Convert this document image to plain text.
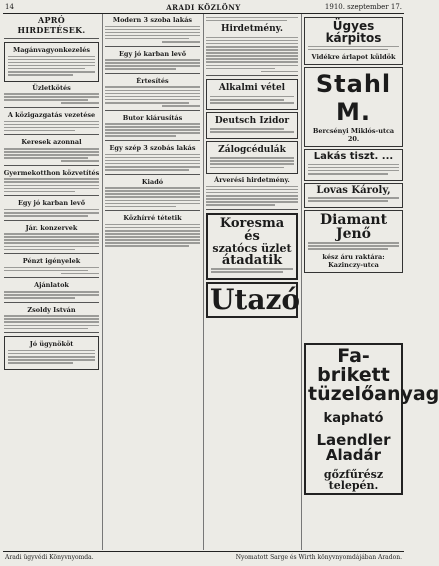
14	ARADI KÖZLÖNY	1910. szeptember 17.
APRÓ HIRDETÉSEK.
Magánvagyonkezelés
Üzletkötés
A közigazgatás vezetése
Keresek azonnal
Gyermekotthon közvetítés
Egy jó karban levő
Jár. konzervek
Pénzt igényelek
Ajánlatok
Zsoldy István
Jó ügynököt
Modern 3 szoba lakás
Egy jó karban levő
Értesítés
Butor kiárusítás
Egy szép 3 szobás lakás
Kiadó
Közhírré tétetik
Hirdetmény.
Alkalmi vétel
Deutsch Izidor
Zálogcédulák
Árverési hirdetmény.
Koresma és
szatócs üzlet
átadatik
Utazó
Ügyes kárpitos
Vidékre árlapot küldök
Stahl M.
Bercsényi Miklós-utca 20.
Lakás tiszt. ...
Lovas Károly,
Diamant Jenő
kész áru raktára: Kazinczy-utca
Fa-brikett tüzelőanyag
kapható
Laendler Aladár
gőzfűrész telepén.
Aradi ügyvédi Könyvnyomda.	Nyomatott Sarge és Wirth könyvnyomdájában Aradon.
